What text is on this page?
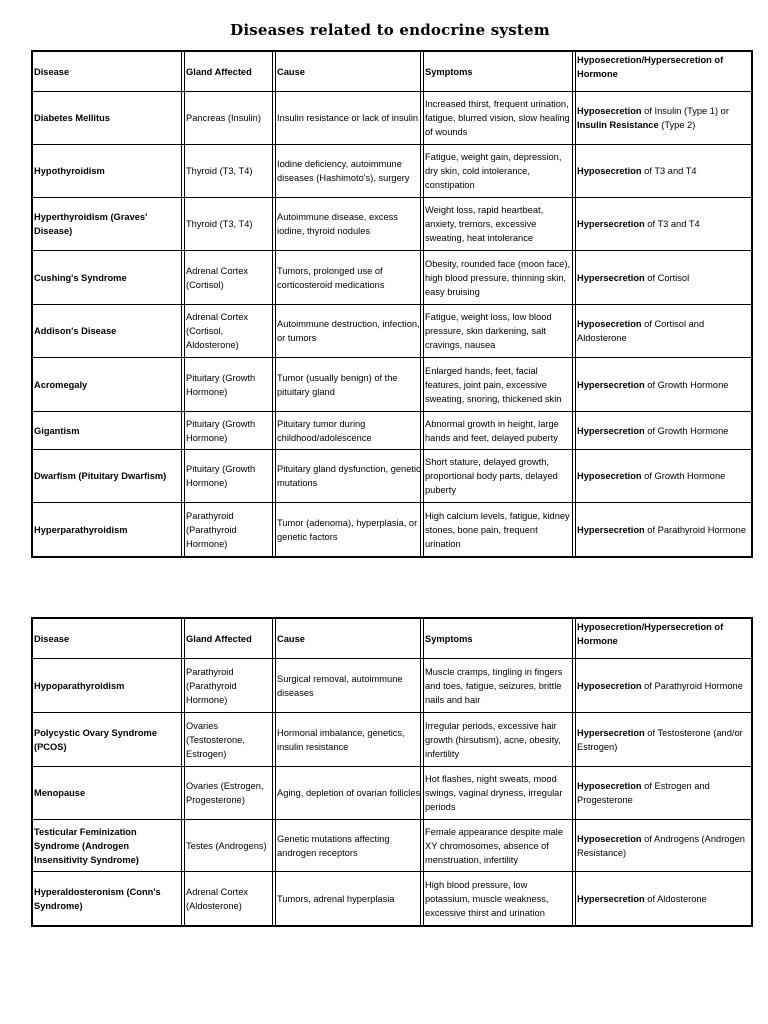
Diseases related to endocrine system
Disease	Gland Affected	Cause	Symptoms	Hyposecretion/Hypersecretion of Hormone
Diabetes Mellitus	Pancreas (Insulin)	Insulin resistance or lack of insulin	Increased thirst, frequent urination, fatigue, blurred vision, slow healing of wounds	Hyposecretion of Insulin (Type 1) or Insulin Resistance (Type 2)
Hypothyroidism	Thyroid (T3, T4)	Iodine deficiency, autoimmune diseases (Hashimoto's), surgery	Fatigue, weight gain, depression, dry skin, cold intolerance, constipation	Hyposecretion of T3 and T4
Hyperthyroidism (Graves' Disease)	Thyroid (T3, T4)	Autoimmune disease, excess iodine, thyroid nodules	Weight loss, rapid heartbeat, anxiety, tremors, excessive sweating, heat intolerance	Hypersecretion of T3 and T4
Cushing's Syndrome	Adrenal Cortex (Cortisol)	Tumors, prolonged use of corticosteroid medications	Obesity, rounded face (moon face), high blood pressure, thinning skin, easy bruising	Hypersecretion of Cortisol
Addison's Disease	Adrenal Cortex (Cortisol, Aldosterone)	Autoimmune destruction, infection, or tumors	Fatigue, weight loss, low blood pressure, skin darkening, salt cravings, nausea	Hyposecretion of Cortisol and Aldosterone
Acromegaly	Pituitary (Growth Hormone)	Tumor (usually benign) of the pituitary gland	Enlarged hands, feet, facial features, joint pain, excessive sweating, snoring, thickened skin	Hypersecretion of Growth Hormone
Gigantism	Pituitary (Growth Hormone)	Pituitary tumor during childhood/adolescence	Abnormal growth in height, large hands and feet, delayed puberty	Hypersecretion of Growth Hormone
Dwarfism (Pituitary Dwarfism)	Pituitary (Growth Hormone)	Pituitary gland dysfunction, genetic mutations	Short stature, delayed growth, proportional body parts, delayed puberty	Hyposecretion of Growth Hormone
Hyperparathyroidism	Parathyroid (Parathyroid Hormone)	Tumor (adenoma), hyperplasia, or genetic factors	High calcium levels, fatigue, kidney stones, bone pain, frequent urination	Hypersecretion of Parathyroid Hormone
Disease	Gland Affected	Cause	Symptoms	Hyposecretion/Hypersecretion of Hormone
Hypoparathyroidism	Parathyroid (Parathyroid Hormone)	Surgical removal, autoimmune diseases	Muscle cramps, tingling in fingers and toes, fatigue, seizures, brittle nails and hair	Hyposecretion of Parathyroid Hormone
Polycystic Ovary Syndrome (PCOS)	Ovaries (Testosterone, Estrogen)	Hormonal imbalance, genetics, insulin resistance	Irregular periods, excessive hair growth (hirsutism), acne, obesity, infertility	Hypersecretion of Testosterone (and/or Estrogen)
Menopause	Ovaries (Estrogen, Progesterone)	Aging, depletion of ovarian follicles	Hot flashes, night sweats, mood swings, vaginal dryness, irregular periods	Hyposecretion of Estrogen and Progesterone
Testicular Feminization Syndrome (Androgen Insensitivity Syndrome)	Testes (Androgens)	Genetic mutations affecting androgen receptors	Female appearance despite male XY chromosomes, absence of menstruation, infertility	Hyposecretion of Androgens (Androgen Resistance)
Hyperaldosteronism (Conn's Syndrome)	Adrenal Cortex (Aldosterone)	Tumors, adrenal hyperplasia	High blood pressure, low potassium, muscle weakness, excessive thirst and urination	Hypersecretion of Aldosterone
